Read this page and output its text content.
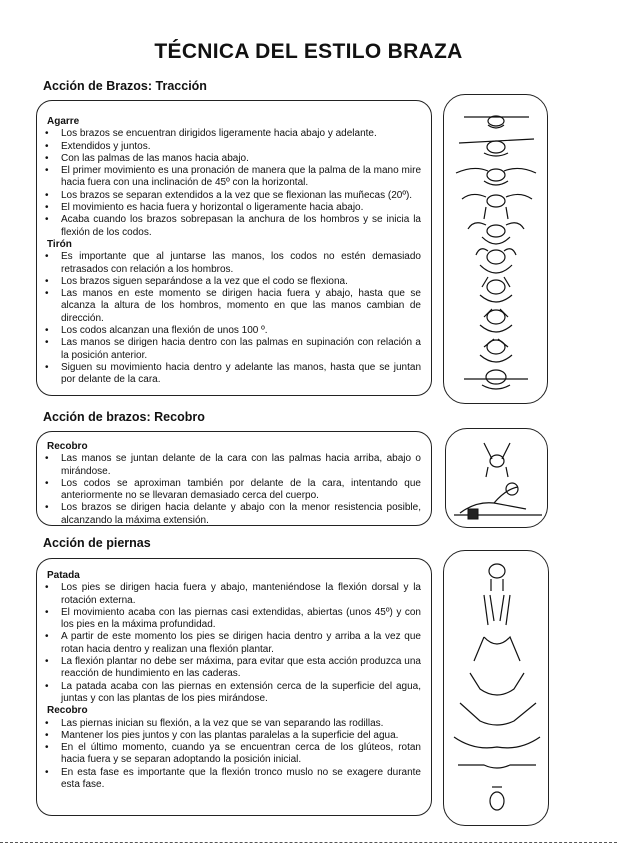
TÉCNICA DEL ESTILO BRAZA
Acción de Brazos: Tracción
Agarre
• Los brazos se encuentran dirigidos ligeramente hacia abajo y adelante.
• Extendidos y juntos.
• Con las palmas de las manos hacia abajo.
• El primer movimiento es una pronación de manera que la palma de la mano mire hacia fuera con una inclinación de 45º con la horizontal.
• Los brazos se separan extendidos a la vez que se flexionan las muñecas (20º).
• El movimiento es hacia fuera y horizontal o ligeramente hacia abajo.
• Acaba cuando los brazos sobrepasan la anchura de los hombros y se inicia la flexión de los codos.
Tirón
• Es importante que al juntarse las manos, los codos no estén demasiado retrasados con relación a los hombros.
• Los brazos siguen separándose a la vez que el codo se flexiona.
• Las manos en este momento se dirigen hacia fuera y abajo, hasta que se alcanza la altura de los hombros, momento en que las manos cambian de dirección.
• Los codos alcanzan una flexión de unos 100 º.
• Las manos se dirigen hacia dentro con las palmas en supinación con relación a la posición anterior.
• Siguen su movimiento hacia dentro y adelante las manos, hasta que se juntan por delante de la cara.
Acción de brazos: Recobro
Recobro
• Las manos se juntan delante de la cara con las palmas hacia arriba, abajo o mirándose.
• Los codos se aproximan también por delante de la cara, intentando que anteriormente no se llevaran demasiado cerca del cuerpo.
• Los brazos se dirigen hacia delante y abajo con la menor resistencia posible, alcanzando la máxima extensión.
Acción de piernas
Patada
• Los pies se dirigen hacia fuera y abajo, manteniéndose la flexión dorsal y la rotación externa.
• El movimiento acaba con las piernas casi extendidas, abiertas (unos 45º) y con los pies en la máxima profundidad.
• A partir de este momento los pies se dirigen hacia dentro y arriba a la vez que rotan hacia dentro y realizan una flexión plantar.
• La flexión plantar no debe ser máxima, para evitar que esta acción produzca una reacción de hundimiento en las caderas.
• La patada acaba con las piernas en extensión cerca de la superficie del agua, juntas y con las plantas de los pies mirándose.
Recobro
• Las piernas inician su flexión, a la vez que se van separando las rodillas.
• Mantener los pies juntos y con las plantas paralelas a la superficie del agua.
• En el último momento, cuando ya se encuentran cerca de los glúteos, rotan hacia fuera y se separan adoptando la posición inicial.
• En esta fase es importante que la flexión tronco muslo no se exagere durante esta fase.
